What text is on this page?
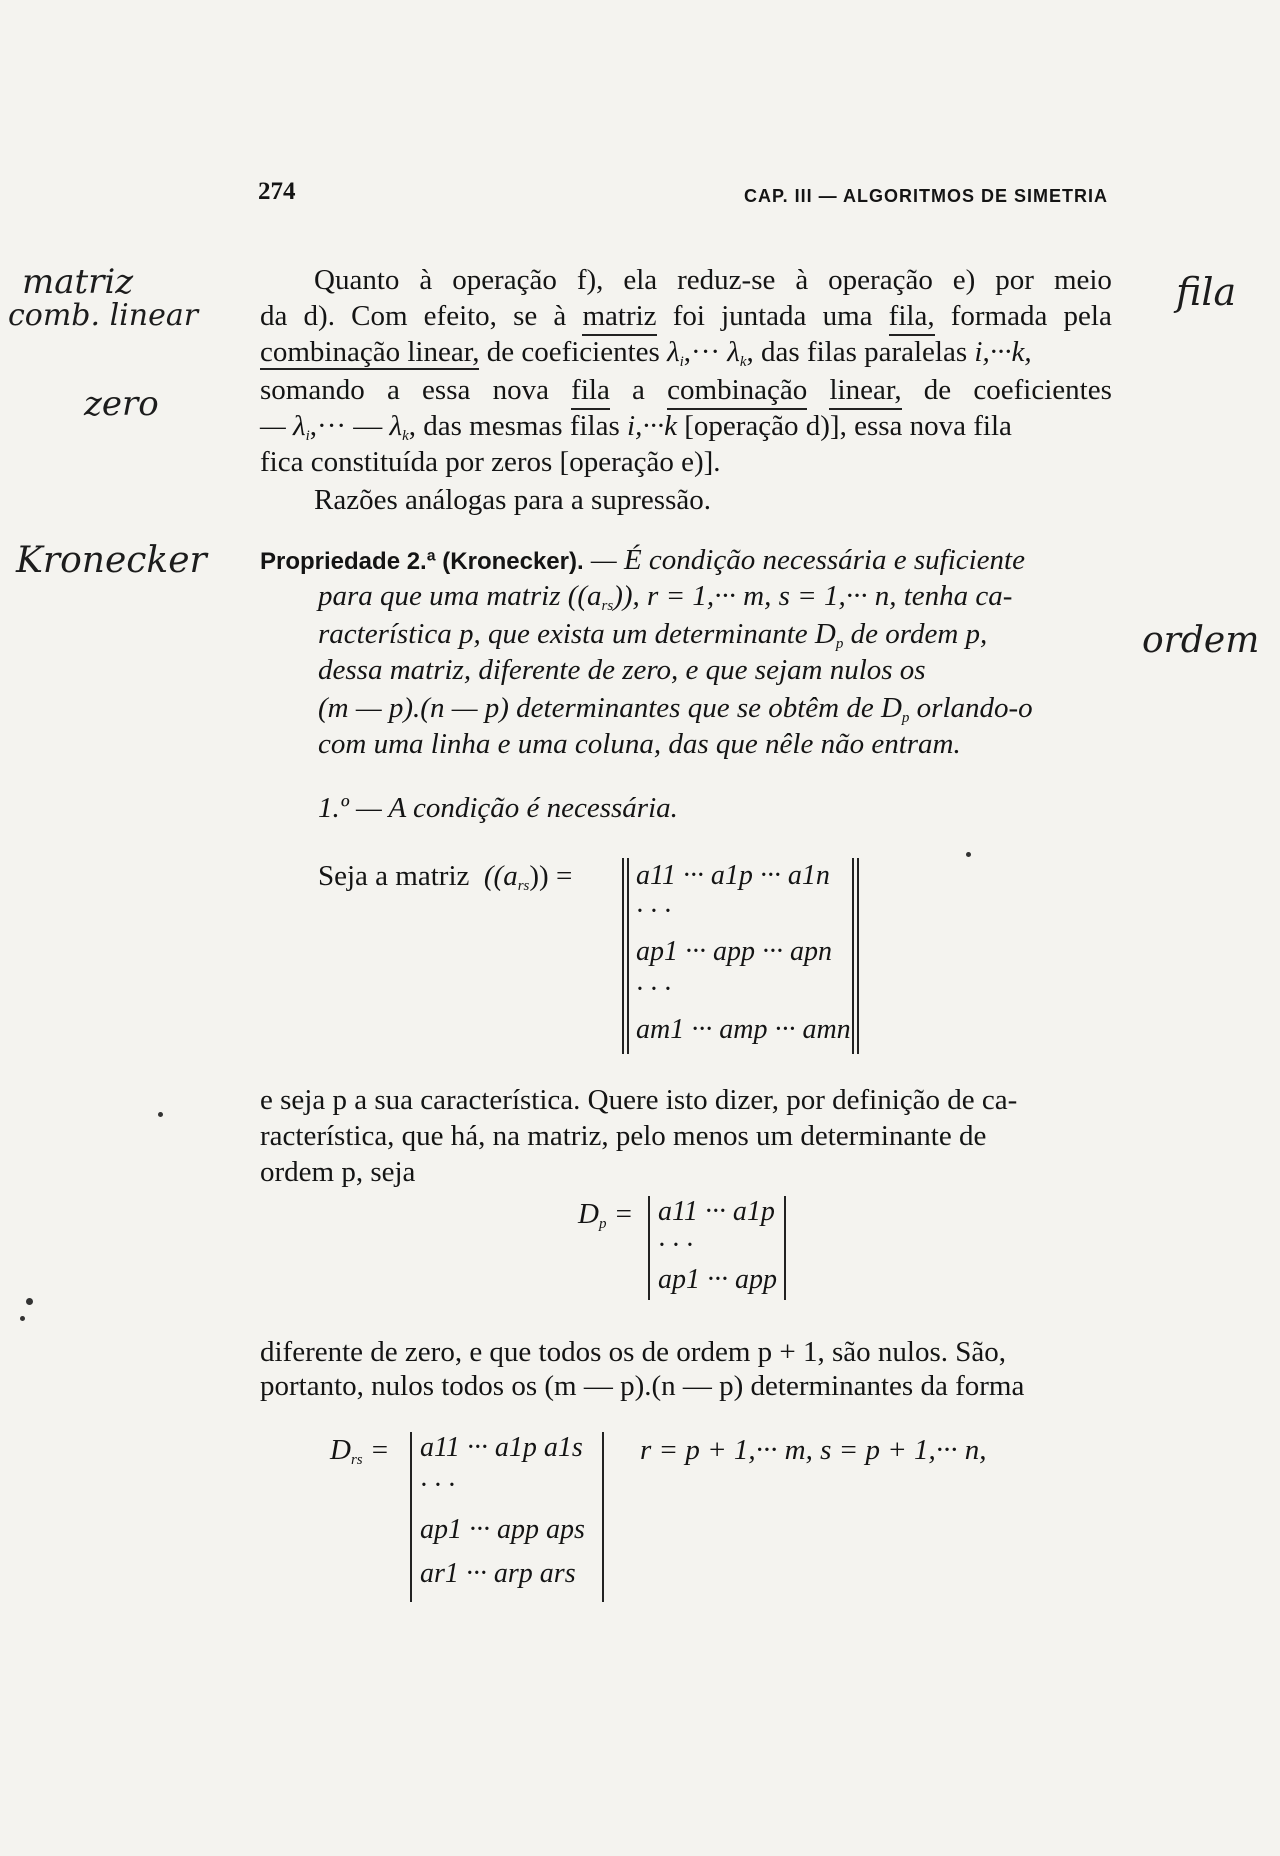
274	CAP. III — ALGORITMOS DE SIMETRIA
matriz
comb. linear
zero
Kronecker
fila
ordem
Quanto à operação f), ela reduz-se à operação e) por meio
da d). Com efeito, se à matriz foi juntada uma fila, formada pela
combinação linear, de coeficientes $\lambda_i,\cdot\cdot\cdot \lambda_k$, das filas paralelas i,···k,
somando a essa nova fila a combinação linear, de coeficientes
— $\lambda_i,\cdot\cdot\cdot$ — $\lambda_k$, das mesmas filas i,···k [operação d)], essa nova fila
fica constituída por zeros [operação e)].
Razões análogas para a supressão.
Propriedade 2.ª (Kronecker). — É condição necessária e suficiente
para que uma matriz $((a_{rs}))$, r = 1,··· m, s = 1,··· n, tenha ca-
racterística p, que exista um determinante $D_p$ de ordem p,
dessa matriz, diferente de zero, e que sejam nulos os
(m — p).(n — p) determinantes que se obtêm de $D_p$ orlando-o
com uma linha e uma coluna, das que nêle não entram.
1.º — A condição é necessária.
Seja a matriz $((a_{rs})) = a11$ ··· a1p ··· a1n
· · ·
ap1 ··· app ··· apn
· · ·
am1 ··· amp ··· amn
e seja p a sua característica. Quere isto dizer, por definição de ca-
racterística, que há, na matriz, pelo menos um determinante de
ordem p, seja
$D_p = a11$ ··· a1p
· · ·
ap1 ··· app
diferente de zero, e que todos os de ordem p + 1, são nulos. São,
portanto, nulos todos os (m — p).(n — p) determinantes da forma
$D_{rs} = a11$ ··· a1p a1s
· · ·
ap1 ··· app aps
ar1 ··· arp ars
r = p + 1,··· m, s = p + 1,··· n,
